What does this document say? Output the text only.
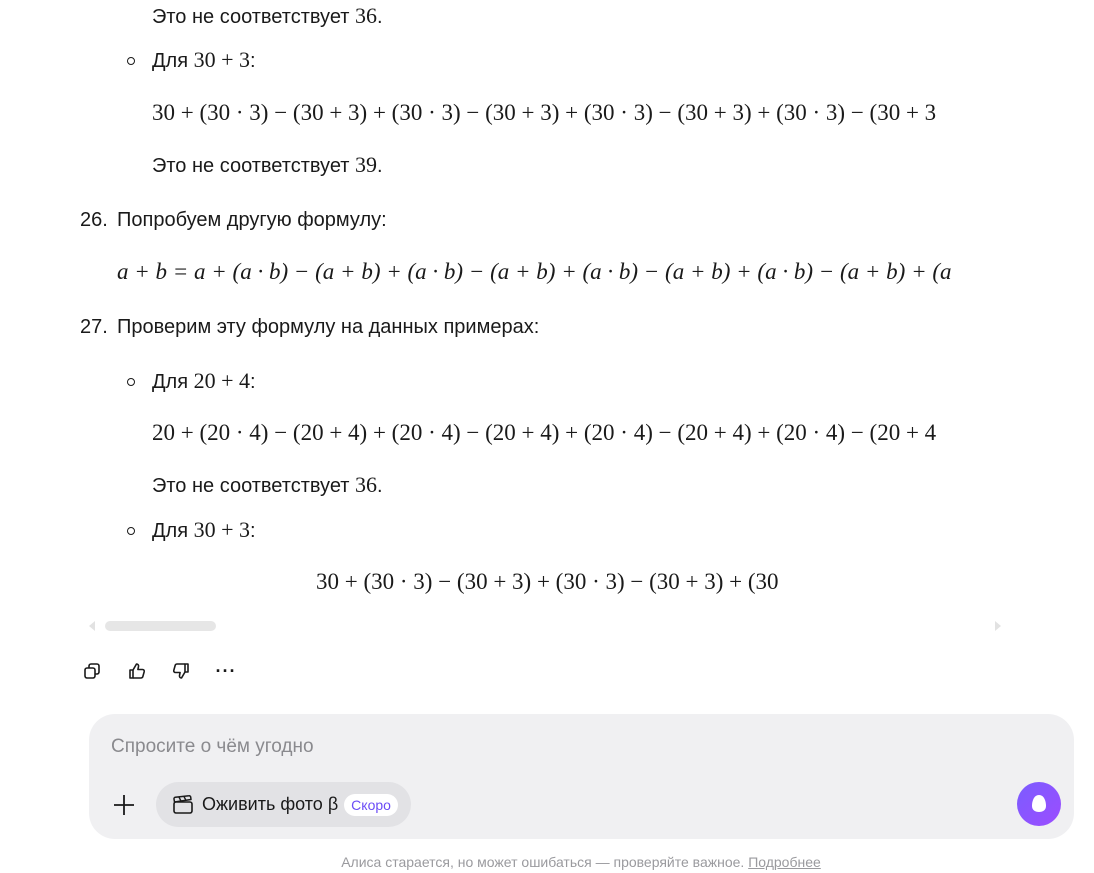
Это не соответствует 36.
Для 30 + 3:
30 + (30 · 3) − (30 + 3) + (30 · 3) − (30 + 3) + (30 · 3) − (30 + 3) + (30 · 3) − (30 + 3
Это не соответствует 39.
26. Попробуем другую формулу:
a + b = a + (a · b) − (a + b) + (a · b) − (a + b) + (a · b) − (a + b) + (a · b) − (a + b) + (a
27. Проверим эту формулу на данных примерах:
Для 20 + 4:
20 + (20 · 4) − (20 + 4) + (20 · 4) − (20 + 4) + (20 · 4) − (20 + 4) + (20 · 4) − (20 + 4
Это не соответствует 36.
Для 30 + 3:
30 + (30 · 3) − (30 + 3) + (30 · 3) − (30 + 3) + (30
···
Спросите о чём угодно
Оживить фото β Скоро
Алиса старается, но может ошибаться — проверяйте важное. Подробнее
